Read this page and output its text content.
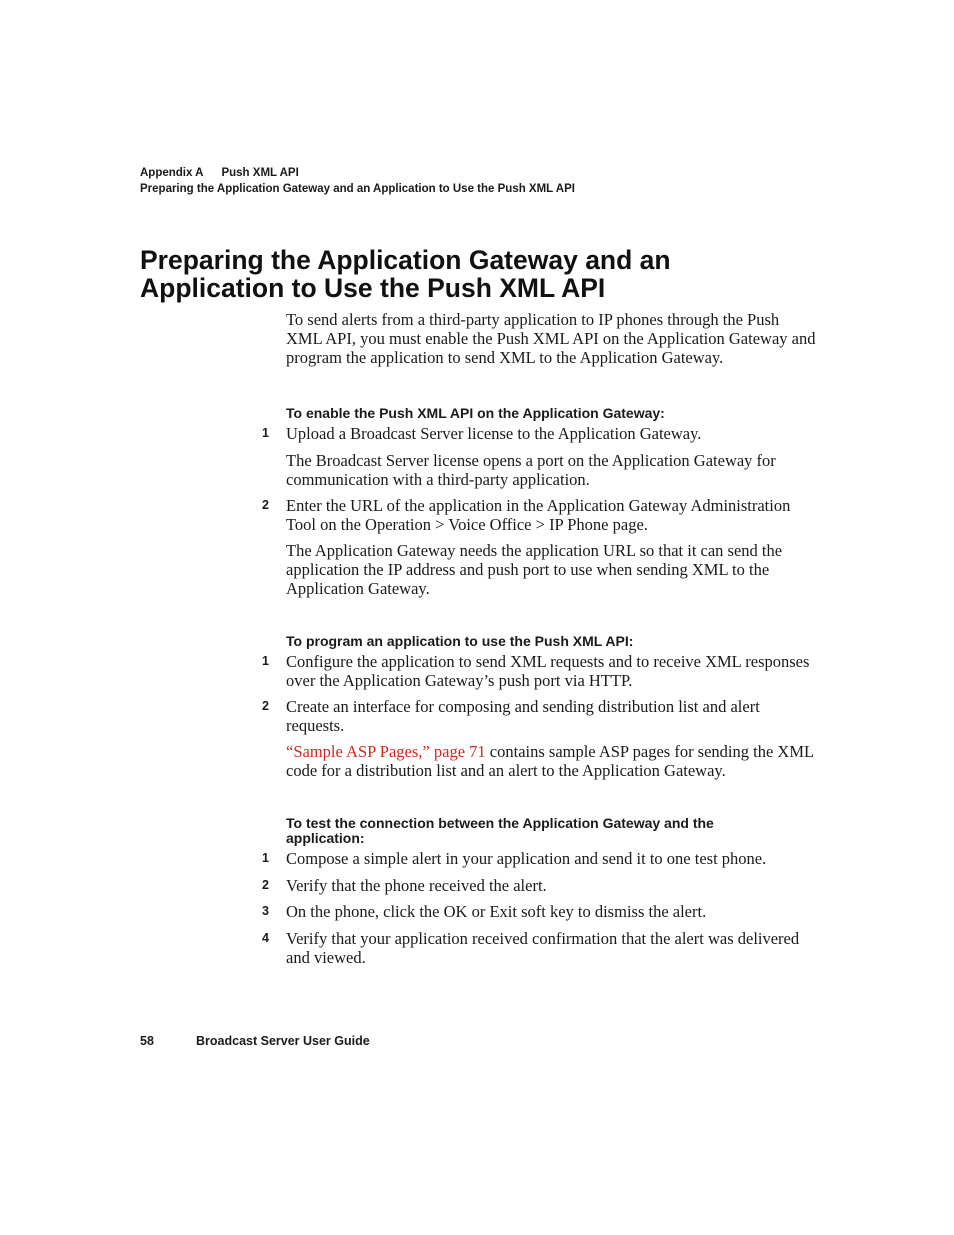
Appendix A Push XML API
Preparing the Application Gateway and an Application to Use the Push XML API
Preparing the Application Gateway and an
Application to Use the Push XML API

To send alerts from a third-party application to IP phones through the Push XML API, you must enable the Push XML API on the Application Gateway and program the application to send XML to the Application Gateway.

To enable the Push XML API on the Application Gateway:
1	Upload a Broadcast Server license to the Application Gateway.
The Broadcast Server license opens a port on the Application Gateway for communication with a third-party application.
2	Enter the URL of the application in the Application Gateway Administration Tool on the Operation > Voice Office > IP Phone page.
The Application Gateway needs the application URL so that it can send the application the IP address and push port to use when sending XML to the Application Gateway.
To program an application to use the Push XML API:
1	Configure the application to send XML requests and to receive XML responses over the Application Gateway’s push port via HTTP.
2	Create an interface for composing and sending distribution list and alert requests.
“Sample ASP Pages,” page 71 contains sample ASP pages for sending the XML code for a distribution list and an alert to the Application Gateway.
To test the connection between the Application Gateway and the application:
1	Compose a simple alert in your application and send it to one test phone.
2	Verify that the phone received the alert.
3	On the phone, click the OK or Exit soft key to dismiss the alert.
4	Verify that your application received confirmation that the alert was delivered and viewed.
58	Broadcast Server User Guide
